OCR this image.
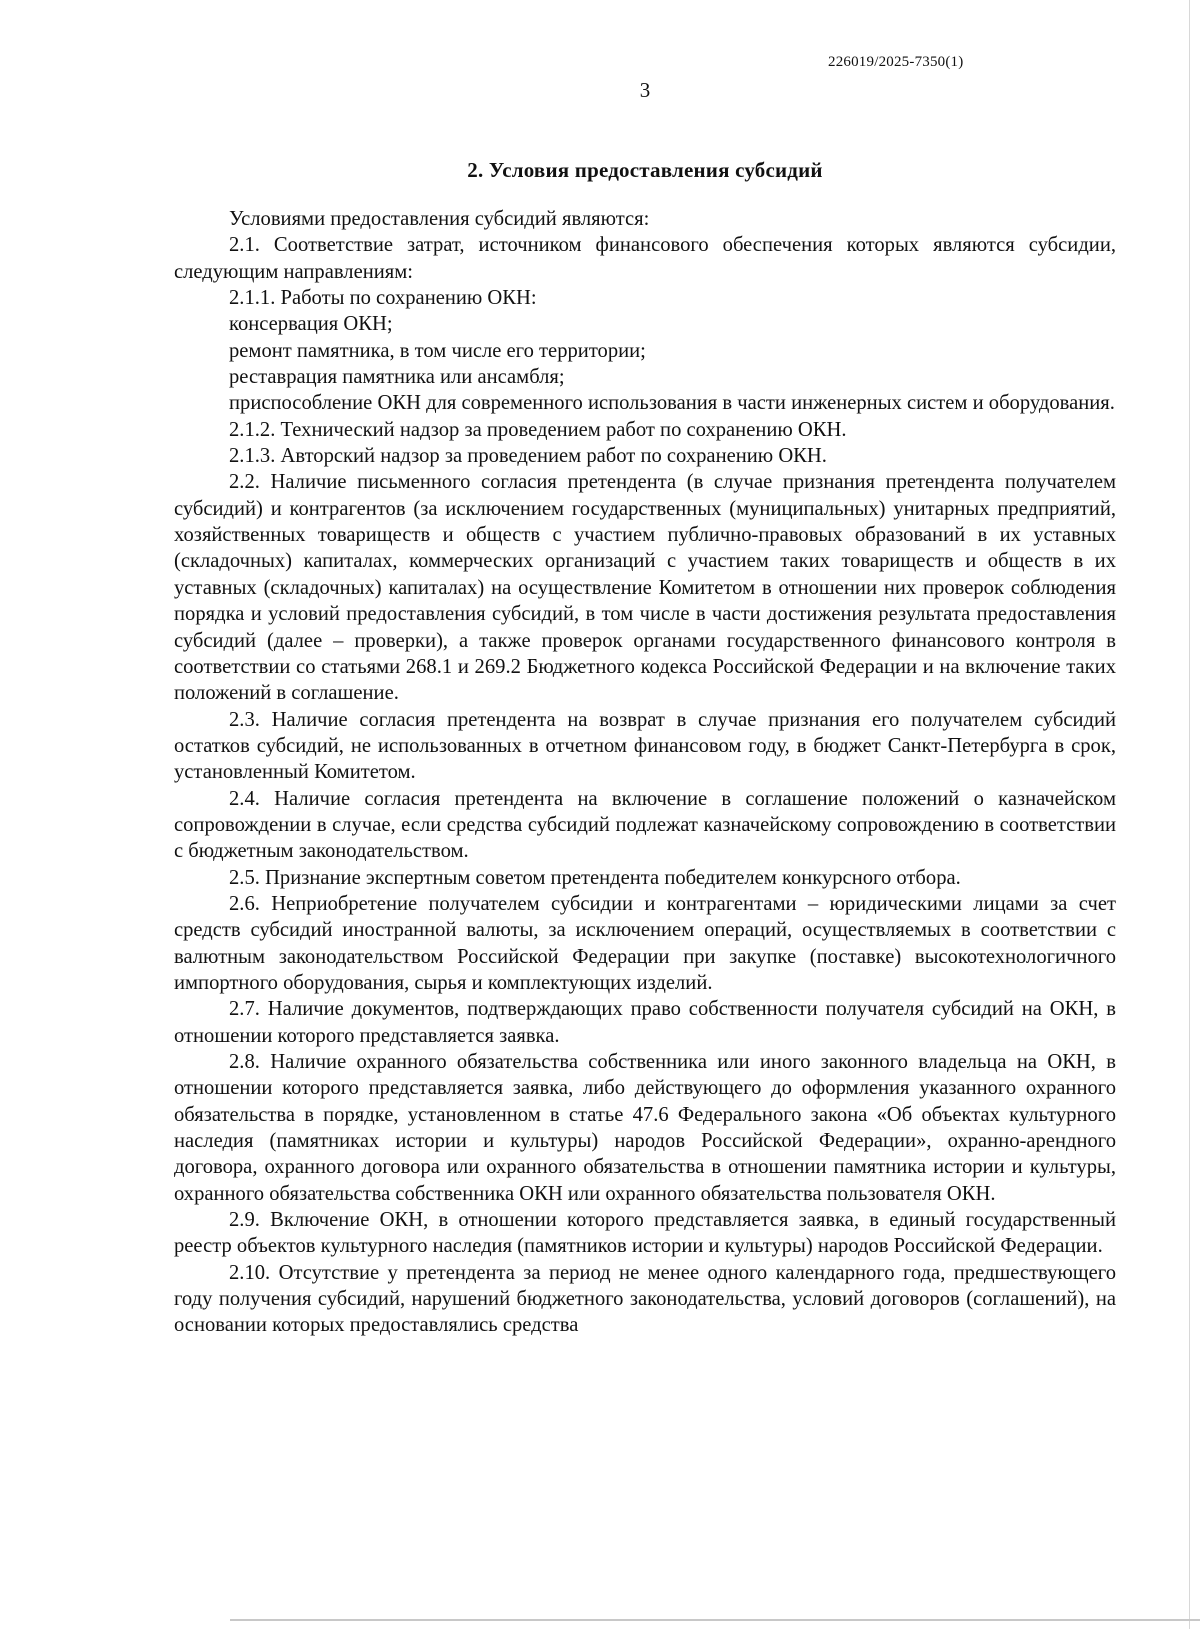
226019/2025-7350(1)
3
2. Условия предоставления субсидий

Условиями предоставления субсидий являются:

2.1. Соответствие затрат, источником финансового обеспечения которых являются субсидии, следующим направлениям:

2.1.1. Работы по сохранению ОКН:

консервация ОКН;

ремонт памятника, в том числе его территории;

реставрация памятника или ансамбля;

приспособление ОКН для современного использования в части инженерных систем и оборудования.

2.1.2. Технический надзор за проведением работ по сохранению ОКН.

2.1.3. Авторский надзор за проведением работ по сохранению ОКН.

2.2. Наличие письменного согласия претендента (в случае признания претендента получателем субсидий) и контрагентов (за исключением государственных (муниципальных) унитарных предприятий, хозяйственных товариществ и обществ с участием публично-правовых образований в их уставных (складочных) капиталах, коммерческих организаций с участием таких товариществ и обществ в их уставных (складочных) капиталах) на осуществление Комитетом в отношении них проверок соблюдения порядка и условий предоставления субсидий, в том числе в части достижения результата предоставления субсидий (далее – проверки), а также проверок органами государственного финансового контроля в соответствии со статьями 268.1 и 269.2 Бюджетного кодекса Российской Федерации и на включение таких положений в соглашение.

2.3. Наличие согласия претендента на возврат в случае признания его получателем субсидий остатков субсидий, не использованных в отчетном финансовом году, в бюджет Санкт-Петербурга в срок, установленный Комитетом.

2.4. Наличие согласия претендента на включение в соглашение положений о казначейском сопровождении в случае, если средства субсидий подлежат казначейскому сопровождению в соответствии с бюджетным законодательством.

2.5. Признание экспертным советом претендента победителем конкурсного отбора.

2.6. Неприобретение получателем субсидии и контрагентами – юридическими лицами за счет средств субсидий иностранной валюты, за исключением операций, осуществляемых в соответствии с валютным законодательством Российской Федерации при закупке (поставке) высокотехнологичного импортного оборудования, сырья и комплектующих изделий.

2.7. Наличие документов, подтверждающих право собственности получателя субсидий на ОКН, в отношении которого представляется заявка.

2.8. Наличие охранного обязательства собственника или иного законного владельца на ОКН, в отношении которого представляется заявка, либо действующего до оформления указанного охранного обязательства в порядке, установленном в статье 47.6 Федерального закона «Об объектах культурного наследия (памятниках истории и культуры) народов Российской Федерации», охранно-арендного договора, охранного договора или охранного обязательства в отношении памятника истории и культуры, охранного обязательства собственника ОКН или охранного обязательства пользователя ОКН.

2.9. Включение ОКН, в отношении которого представляется заявка, в единый государственный реестр объектов культурного наследия (памятников истории и культуры) народов Российской Федерации.

2.10. Отсутствие у претендента за период не менее одного календарного года, предшествующего году получения субсидий, нарушений бюджетного законодательства, условий договоров (соглашений), на основании которых предоставлялись средства
